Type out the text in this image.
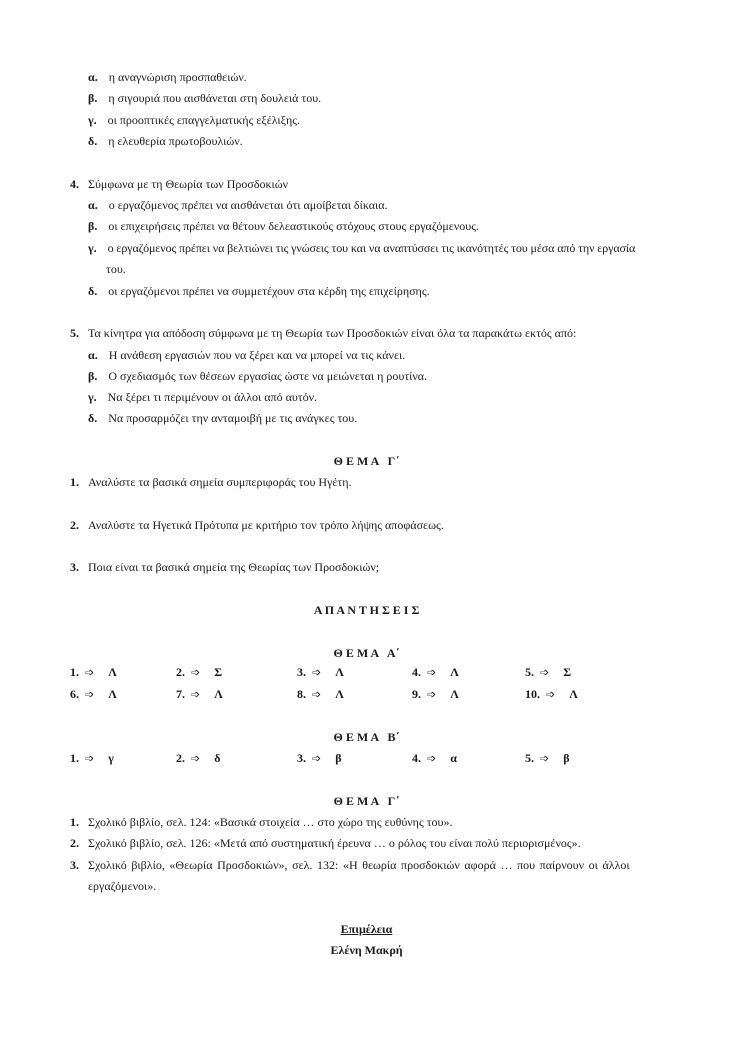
α. η αναγνώριση προσπαθειών.
β. η σιγουριά που αισθάνεται στη δουλειά του.
γ. οι προοπτικές επαγγελματικής εξέλιξης.
δ. η ελευθερία πρωτοβουλιών.
4. Σύμφωνα με τη Θεωρία των Προσδοκιών
α. ο εργαζόμενος πρέπει να αισθάνεται ότι αμοίβεται δίκαια.
β. οι επιχειρήσεις πρέπει να θέτουν δελεαστικούς στόχους στους εργαζόμενους.
γ. ο εργαζόμενος πρέπει να βελτιώνει τις γνώσεις του και να αναπτύσσει τις ικανότητές του μέσα από την εργασία
του.
δ. οι εργαζόμενοι πρέπει να συμμετέχουν στα κέρδη της επιχείρησης.
5. Τα κίνητρα για απόδοση σύμφωνα με τη Θεωρία των Προσδοκιών είναι όλα τα παρακάτω εκτός από:
α. Η ανάθεση εργασιών που να ξέρει και να μπορεί να τις κάνει.
β. Ο σχεδιασμός των θέσεων εργασίας ώστε να μειώνεται η ρουτίνα.
γ. Να ξέρει τι περιμένουν οι άλλοι από αυτόν.
δ. Να προσαρμόζει την ανταμοιβή με τις ανάγκες του.
Θ Ε Μ Α   Γ΄
1. Αναλύστε τα βασικά σημεία συμπεριφοράς του Ηγέτη.
2. Αναλύστε τα Ηγετικά Πρότυπα με κριτήριο τον τρόπο λήψης αποφάσεως.
3. Ποια είναι τα βασικά σημεία της Θεωρίας των Προσδοκιών;
Α Π Α Ν Τ Η Σ Ε Ι Σ
Θ Ε Μ Α   Α΄
1. ➩ Λ	2. ➩ Σ	3. ➩ Λ	4. ➩ Λ	5. ➩ Σ
6. ➩ Λ	7. ➩ Λ	8. ➩ Λ	9. ➩ Λ	10. ➩ Λ
Θ Ε Μ Α   Β΄
1. ➩ γ	2. ➩ δ	3. ➩ β	4. ➩ α	5. ➩ β
Θ Ε Μ Α   Γ΄
1. Σχολικό βιβλίο, σελ. 124: «Βασικά στοιχεία … στο χώρο της ευθύνης του».
2. Σχολικό βιβλίο, σελ. 126: «Μετά από συστηματική έρευνα … ο ρόλος του είναι πολύ περιορισμένος».
3. Σχολικό βιβλίο, «Θεωρία Προσδοκιών», σελ. 132: «Η θεωρία προσδοκιών αφορά … που παίρνουν οι άλλοι
εργαζόμενοι».
Επιμέλεια
Ελένη Μακρή
